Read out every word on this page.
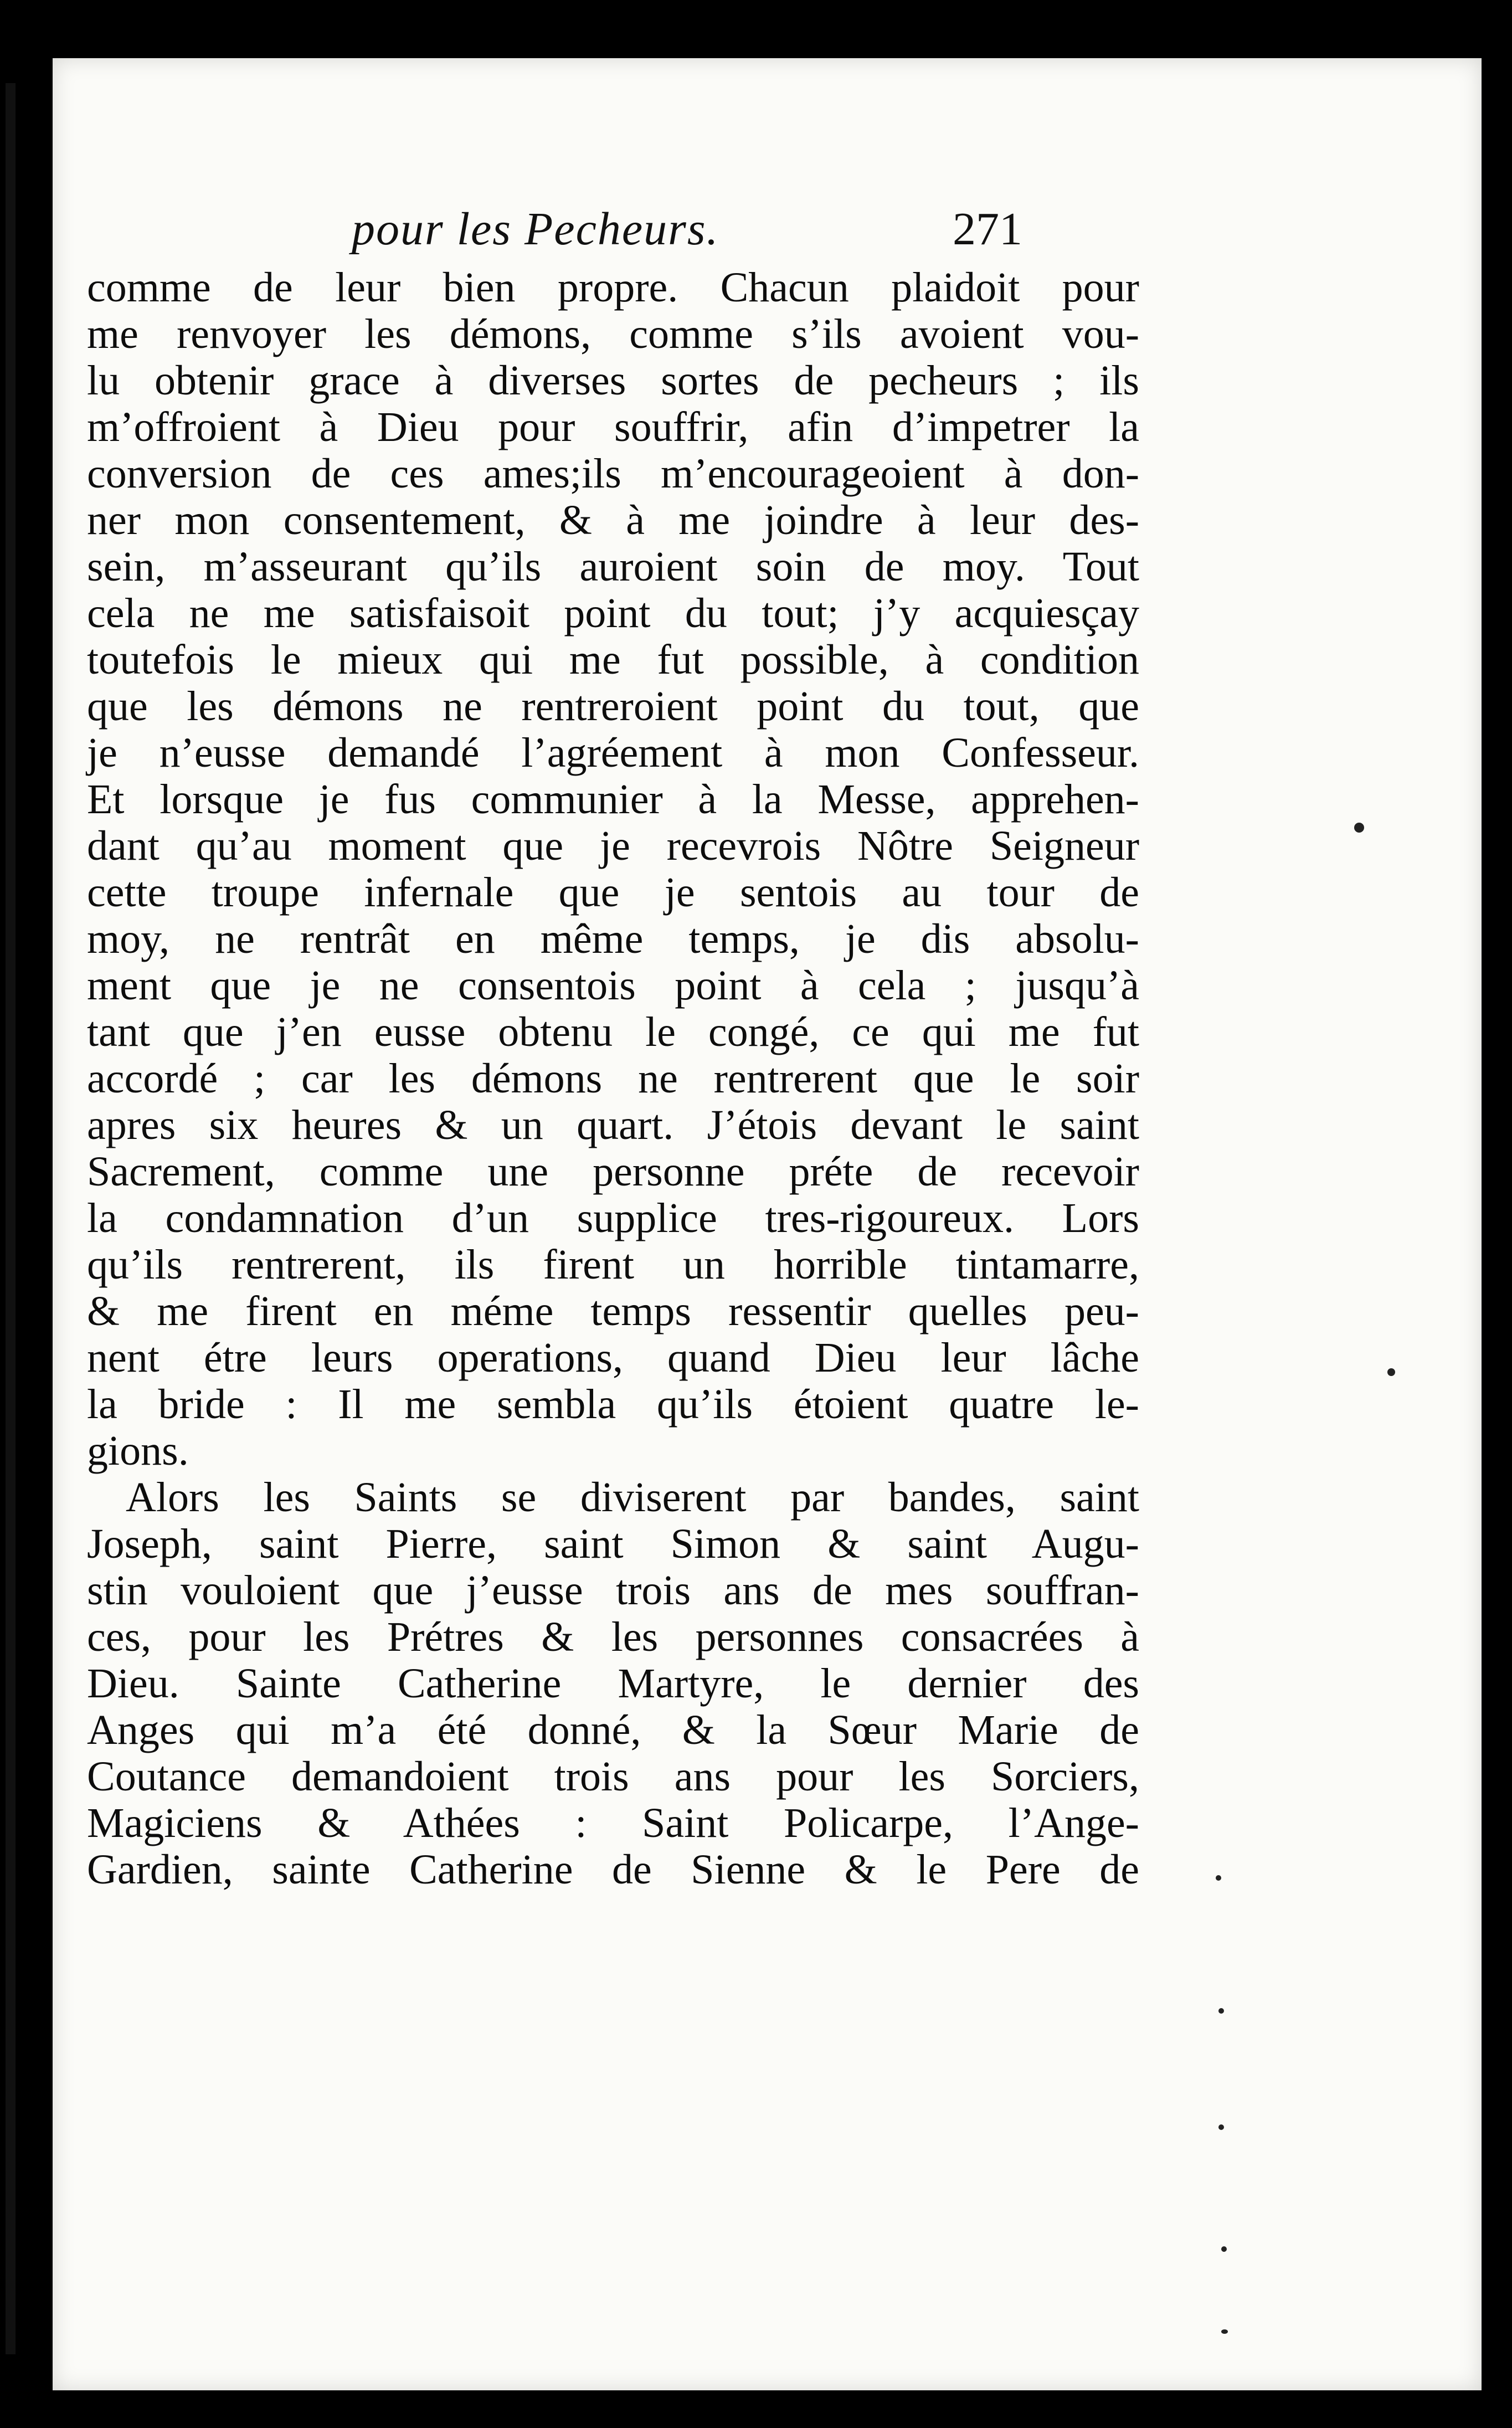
pour les Pecheurs.	271
comme de leur bien propre. Chacun plaidoit pour
me renvoyer les démons, comme s’ils avoient vou-
lu obtenir grace à diverses sortes de pecheurs ; ils
m’offroient à Dieu pour souffrir, afin d’impetrer la
conversion de ces ames;ils m’encourageoient à don-
ner mon consentement, & à me joindre à leur des-
sein, m’asseurant qu’ils auroient soin de moy. Tout
cela ne me satisfaisoit point du tout; j’y acquiesçay
toutefois le mieux qui me fut possible, à condition
que les démons ne rentreroient point du tout, que
je n’eusse demandé l’agréement à mon Confesseur.
Et lorsque je fus communier à la Messe, apprehen-
dant qu’au moment que je recevrois Nôtre Seigneur
cette troupe infernale que je sentois au tour de
moy, ne rentrât en même temps, je dis absolu-
ment que je ne consentois point à cela ; jusqu’à
tant que j’en eusse obtenu le congé, ce qui me fut
accordé ; car les démons ne rentrerent que le soir
apres six heures & un quart. J’étois devant le saint
Sacrement, comme une personne préte de recevoir
la condamnation d’un supplice tres-rigoureux. Lors
qu’ils rentrerent, ils firent un horrible tintamarre,
& me firent en méme temps ressentir quelles peu-
nent étre leurs operations, quand Dieu leur lâche
la bride : Il me sembla qu’ils étoient quatre le-
gions.
Alors les Saints se diviserent par bandes, saint
Joseph, saint Pierre, saint Simon & saint Augu-
stin vouloient que j’eusse trois ans de mes souffran-
ces, pour les Prétres & les personnes consacrées à
Dieu. Sainte Catherine Martyre, le dernier des
Anges qui m’a été donné, & la Sœur Marie de
Coutance demandoient trois ans pour les Sorciers,
Magiciens & Athées : Saint Policarpe, l’Ange-
Gardien, sainte Catherine de Sienne & le Pere de
